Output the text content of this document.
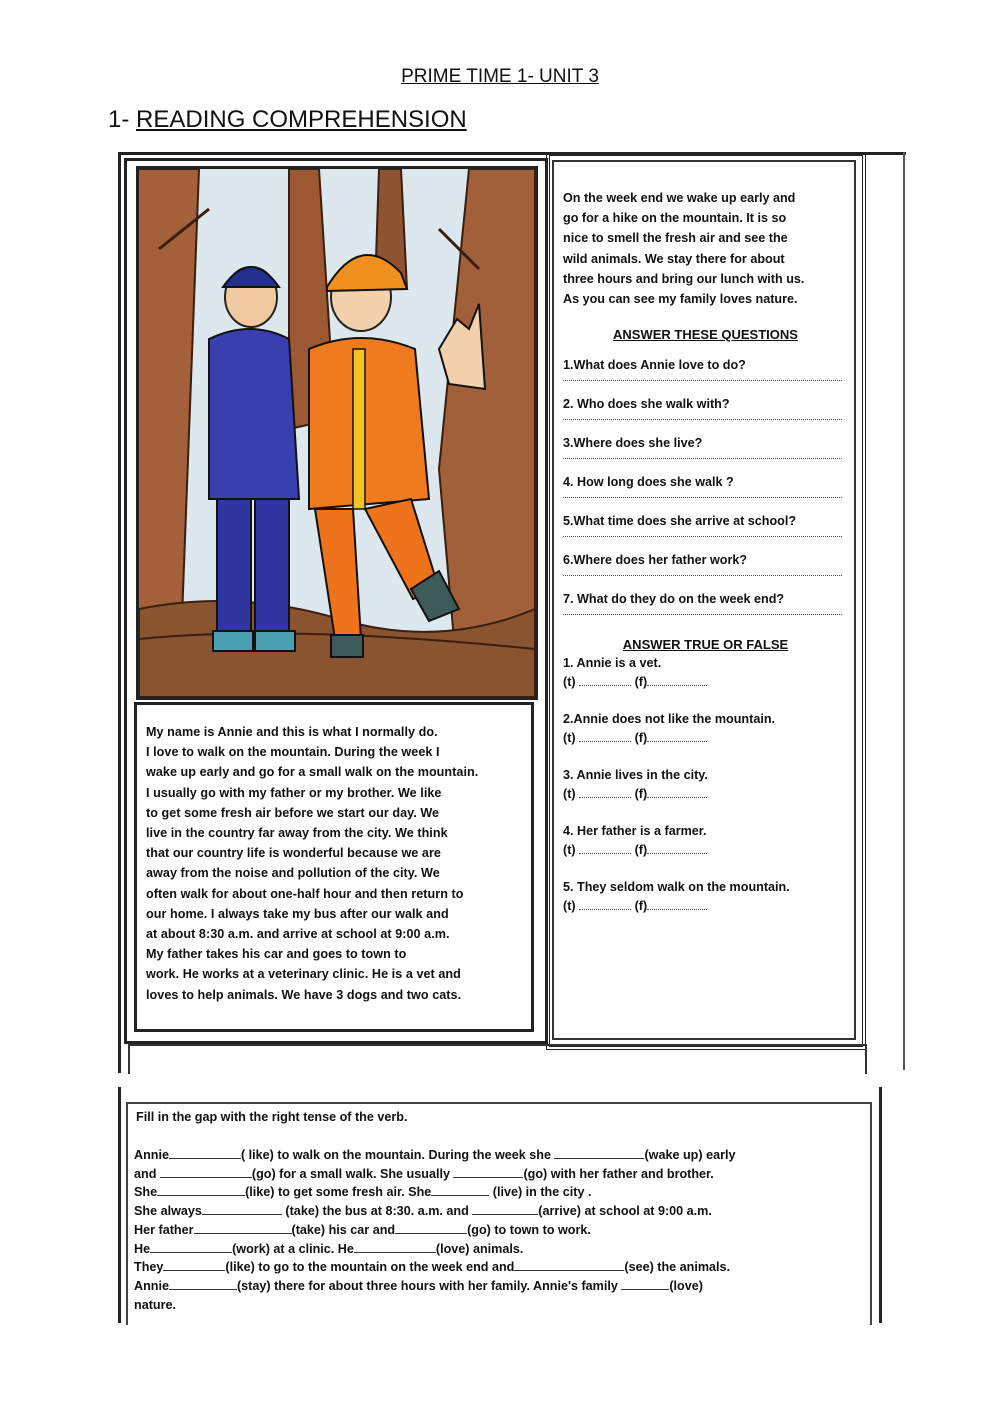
PRIME TIME 1- UNIT 3
1- READING COMPREHENSION
My name is Annie and this is what I normally do.
I love to walk on the mountain. During the week I
wake up early and go for a small walk on the mountain.
I usually go with my father or my brother. We like
to get some fresh air before we start our day. We
live in the country far away from the city. We think
that our country life is wonderful because we are
away from the noise and pollution of the city. We
often walk for about one-half hour and then return to
our home. I always take my bus after our walk and
at about 8:30 a.m. and arrive at school at 9:00 a.m.
My father takes his car and goes to town to
work. He works at a veterinary clinic. He is a vet and
loves to help animals. We have 3 dogs and two cats.
On the week end we wake up early and
go for a hike on the mountain. It is so
nice to smell the fresh air and see the
wild animals. We stay there for about
three hours and bring our lunch with us.
As you can see my family loves nature.
ANSWER THESE QUESTIONS
1.What does Annie love to do?
2. Who does she walk with?
3.Where does she live?
4. How long does she walk ?
5.What time does she arrive at school?
6.Where does her father work?
7. What do they do on the week end?
ANSWER TRUE OR FALSE
1. Annie is a vet.
(t)	(f)
2.Annie does not like the mountain.
(t)	(f)
3. Annie lives in the city.
(t)	(f)
4. Her father is a farmer.
(t)	(f)
5. They seldom walk on the mountain.
(t)	(f)
Fill in the gap with the right tense of the verb.
Annie	( like) to walk on the mountain. During the week she	(wake up) early
and	(go) for a small walk. She usually	(go) with her father and brother.
She	(like) to get some fresh air. She	(live) in the city .
She always	(take) the bus at 8:30. a.m. and	(arrive) at school at 9:00 a.m.
Her father	(take) his car and	(go) to town to work.
He	(work) at a clinic. He	(love) animals.
They	(like) to go to the mountain on the week end and	(see) the animals.
Annie	(stay) there for about three hours with her family. Annie's family	(love)
nature.
